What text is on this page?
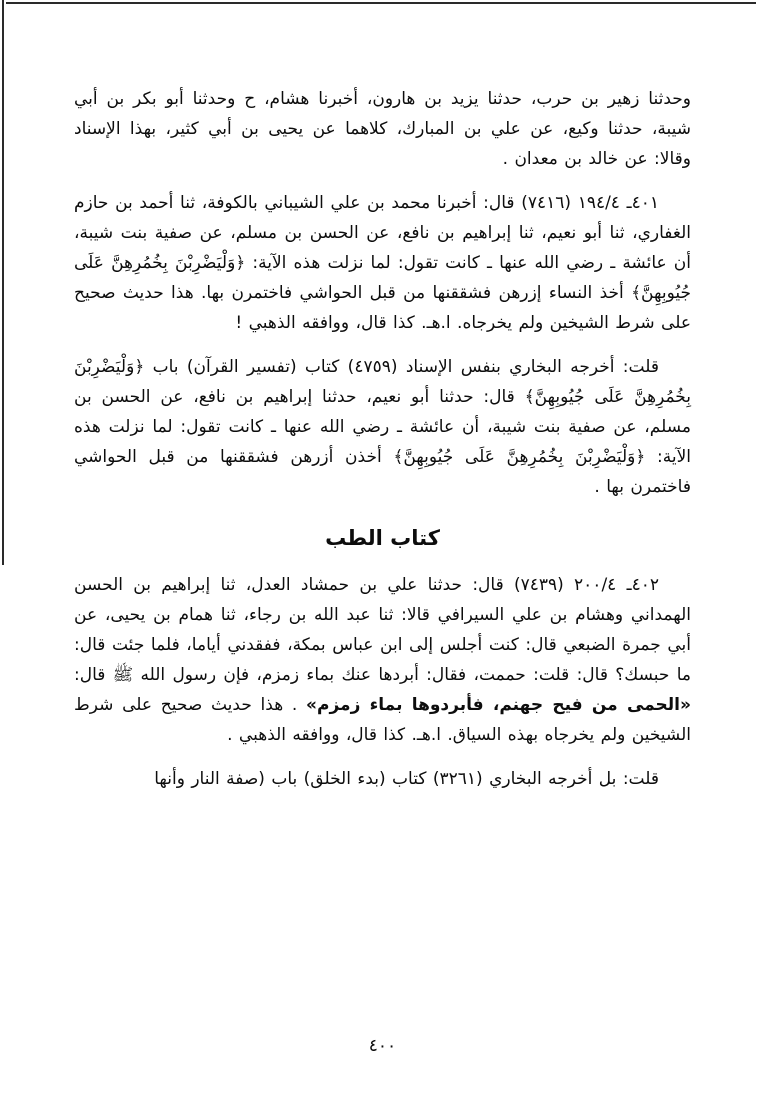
وحدثنا زهير بن حرب، حدثنا يزيد بن هارون، أخبرنا هشام، ح وحدثنا أبو بكر بن أبي شيبة، حدثنا وكيع، عن علي بن المبارك، كلاهما عن يحيى بن أبي كثير، بهذا الإسناد وقالا: عن خالد بن معدان .

٤٠١ـ ١٩٤/٤ (٧٤١٦) قال: أخبرنا محمد بن علي الشيباني بالكوفة، ثنا أحمد بن حازم الغفاري، ثنا أبو نعيم، ثنا إبراهيم بن نافع، عن الحسن بن مسلم، عن صفية بنت شيبة، أن عائشة ـ رضي الله عنها ـ كانت تقول: لما نزلت هذه الآية: ﴿وَلْيَضْرِبْنَ بِخُمُرِهِنَّ عَلَى جُيُوبِهِنَّ﴾ أخذ النساء إزرهن فشققنها من قبل الحواشي فاختمرن بها. هذا حديث صحيح على شرط الشيخين ولم يخرجاه. ا.هـ. كذا قال، ووافقه الذهبي !

قلت: أخرجه البخاري بنفس الإسناد (٤٧٥٩) كتاب (تفسير القرآن) باب ﴿وَلْيَضْرِبْنَ بِخُمُرِهِنَّ عَلَى جُيُوبِهِنَّ﴾ قال: حدثنا أبو نعيم، حدثنا إبراهيم بن نافع، عن الحسن بن مسلم، عن صفية بنت شيبة، أن عائشة ـ رضي الله عنها ـ كانت تقول: لما نزلت هذه الآية: ﴿وَلْيَضْرِبْنَ بِخُمُرِهِنَّ عَلَى جُيُوبِهِنَّ﴾ أخذن أزرهن فشققنها من قبل الحواشي فاختمرن بها .

كتاب الطب

٤٠٢ـ ٢٠٠/٤ (٧٤٣٩) قال: حدثنا علي بن حمشاد العدل، ثنا إبراهيم بن الحسن الهمداني وهشام بن علي السيرافي قالا: ثنا عبد الله بن رجاء، ثنا همام بن يحيى، عن أبي جمرة الضبعي قال: كنت أجلس إلى ابن عباس بمكة، ففقدني أياما، فلما جئت قال: ما حبسك؟ قال: قلت: حممت، فقال: أبردها عنك بماء زمزم، فإن رسول الله ﷺ قال: «الحمى من فيح جهنم، فأبردوها بماء زمزم» . هذا حديث صحيح على شرط الشيخين ولم يخرجاه بهذه السياق. ا.هـ. كذا قال، ووافقه الذهبي .

قلت: بل أخرجه البخاري (٣٢٦١) كتاب (بدء الخلق) باب (صفة النار وأنها

٤٠٠
